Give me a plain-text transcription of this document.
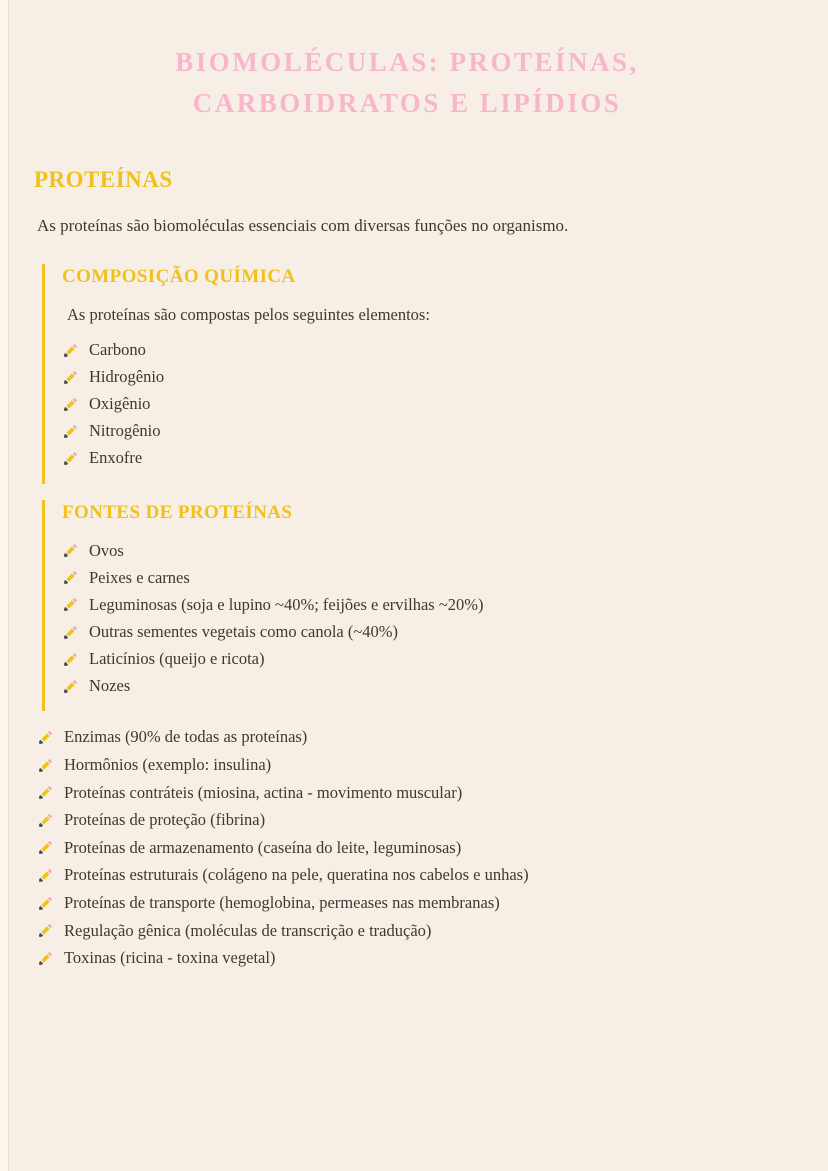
BIOMOLÉCULAS: PROTEÍNAS,
CARBOIDRATOS E LIPÍDIOS
PROTEÍNAS

As proteínas são biomoléculas essenciais com diversas funções no organismo.

COMPOSIÇÃO QUÍMICA

As proteínas são compostas pelos seguintes elementos:

Carbono
Hidrogênio
Oxigênio
Nitrogênio
Enxofre
FONTES DE PROTEÍNAS
Ovos
Peixes e carnes
Leguminosas (soja e lupino ~40%; feijões e ervilhas ~20%)
Outras sementes vegetais como canola (~40%)
Laticínios (queijo e ricota)
Nozes
Enzimas (90% de todas as proteínas)
Hormônios (exemplo: insulina)
Proteínas contráteis (miosina, actina - movimento muscular)
Proteínas de proteção (fibrina)
Proteínas de armazenamento (caseína do leite, leguminosas)
Proteínas estruturais (colágeno na pele, queratina nos cabelos e unhas)
Proteínas de transporte (hemoglobina, permeases nas membranas)
Regulação gênica (moléculas de transcrição e tradução)
Toxinas (ricina - toxina vegetal)
